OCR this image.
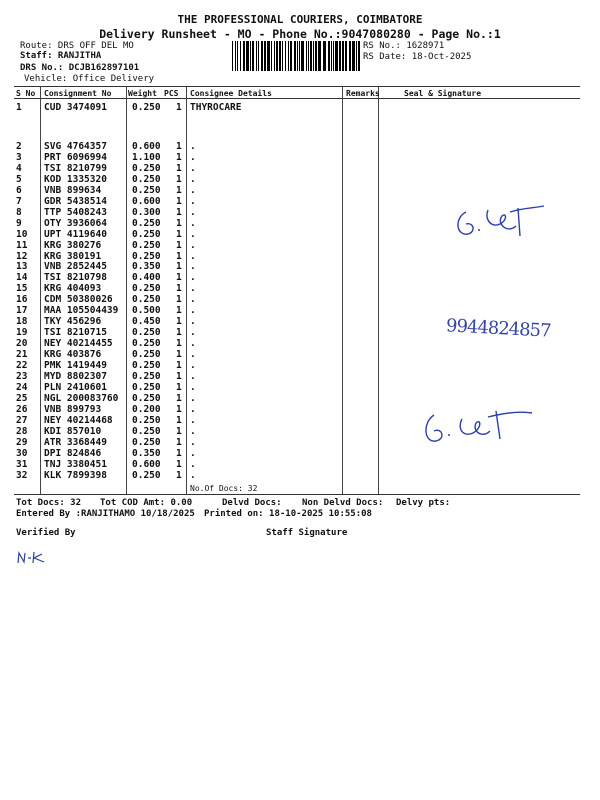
THE PROFESSIONAL COURIERS, COIMBATORE
Delivery Runsheet - MO - Phone No.:9047080280 - Page No.:1
Route: DRS OFF DEL MO
Staff: RANJITHA
DRS No.: DCJB162897101
Vehicle: Office Delivery
RS No.: 1628971
RS Date: 18-Oct-2025
S No Consignment No Weight PCS Consignee Details	Remarks	Seal & Signature
1 CUD 3474091	0.250 1 THYROCARE
2 SVG 4764357	0.600 1 .
3 PRT 6096994	1.100 1 .
4 TSI 8210799	0.250 1 .
5 KOD 1335320	0.250 1 .
6 VNB 899634	0.250 1 .
7 GDR 5438514	0.600 1 .
8 TTP 5408243	0.300 1 .
9 OTY 3936064	0.250 1 .
10 UPT 4119640	0.250 1 .
11 KRG 380276	0.250 1 .
12 KRG 380191	0.250 1 .
13 VNB 2852445	0.350 1 .
14 TSI 8210798	0.400 1 .
15 KRG 404093	0.250 1 .
16 CDM 50380026 0.250 1 .
17 MAA 105504439 0.500 1 .
18 TKY 456296	0.450 1 .
19 TSI 8210715	0.250 1 .
20 NEY 40214455 0.250 1 .
21 KRG 403876	0.250 1 .
22 PMK 1419449	0.250 1 .
23 MYD 8802307	0.250 1 .
24 PLN 2410601	0.250 1 .
25 NGL 200083760 0.250 1 .
26 VNB 899793	0.200 1 .
27 NEY 40214468 0.250 1 .
28 KDI 857010	0.250 1 .
29 ATR 3368449	0.250 1 .
30 DPI 824846	0.350 1 .
31 TNJ 3380451	0.600 1 .
32 KLK 7899398	0.250 1 .
No.Of Docs: 32
Tot Docs: 32 Tot COD Amt: 0.00	Delvd Docs: Non Delvd Docs: Delvy pts:
Entered By :RANJITHAMO 10/18/2025 Printed on: 18-10-2025 10:55:08
Verified By	Staff Signature
9944824857
